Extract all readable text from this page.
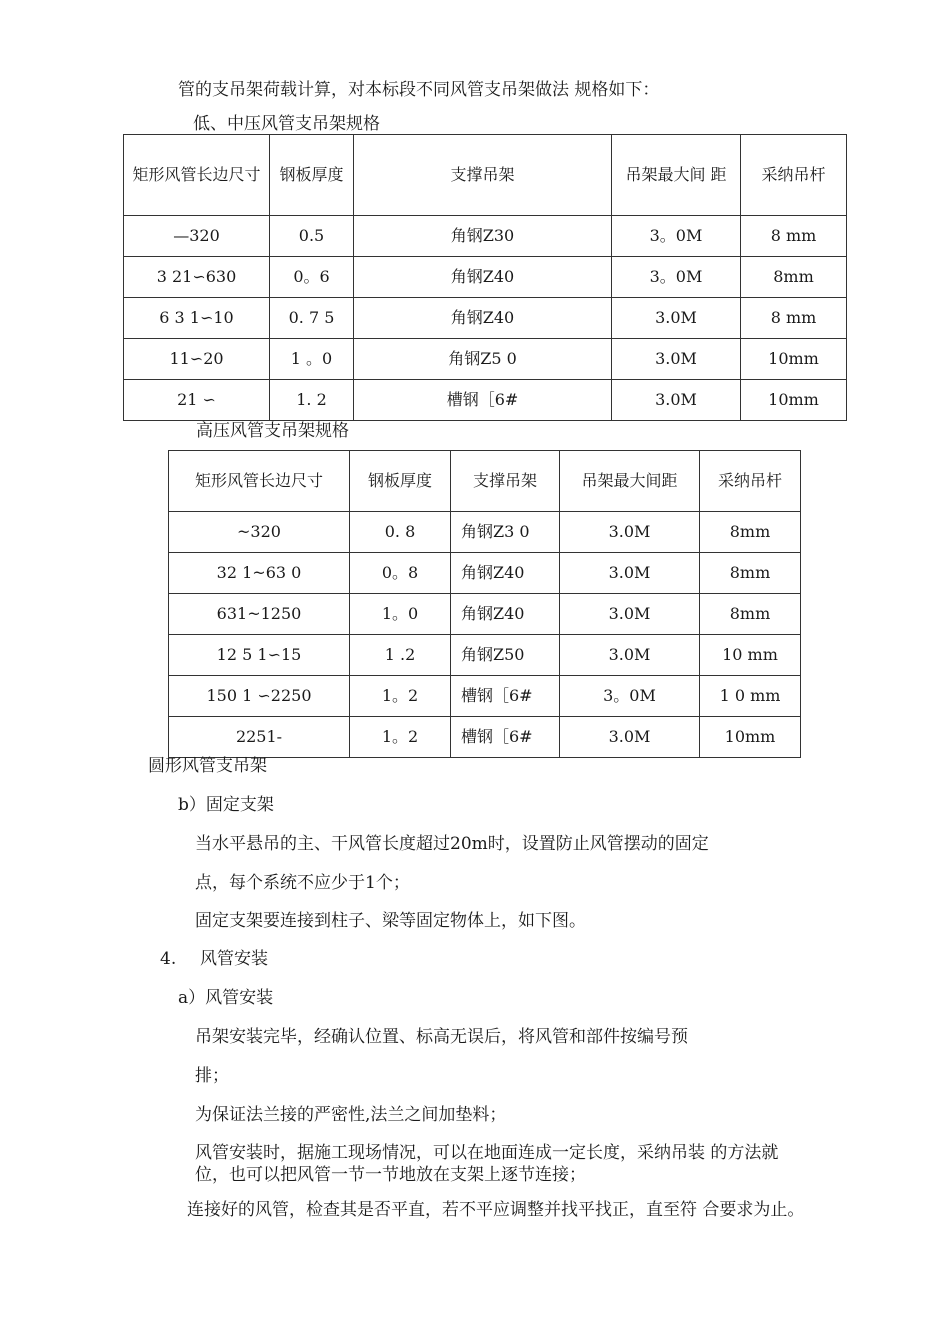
管的支吊架荷载计算，对本标段不同风管支吊架做法 规格如下：
低、中压风管支吊架规格
矩形风管长边尺寸	钢板厚度	支撑吊架	吊架最大间 距	采纳吊杆
—320	0.5	角钢Z30	3。0M	8 mm
3 21∽630	0。6	角钢Z40	3。0M	8mm
6 3 1∽10	0. 7 5	角钢Z40	3.0M	8 mm
11∽20	1 。0	角钢Z5 0	3.0M	10mm
21 ∽	1. 2	槽钢［6#	3.0M	10mm
高压风管支吊架规格
矩形风管长边尺寸	钢板厚度	支撑吊架	吊架最大间距	采纳吊杆
~320	0. 8	角钢Z3 0	3.0M	8mm
32 1~63 0	0。8	角钢Z40	3.0M	8mm
631~1250	1。0	角钢Z40	3.0M	8mm
12 5 1∽15	1 .2	角钢Z50	3.0M	10 mm
150 1 ∽2250	1。2	槽钢［6#	3。0M	1 0 mm
2251-	1。2	槽钢［6#	3.0M	10mm
圆形风管支吊架
b）固定支架
当水平悬吊的主、干风管长度超过20m时，设置防止风管摆动的固定
点，每个系统不应少于1个；
固定支架要连接到柱子、梁等固定物体上，如下图。
4. 风管安装
a）风管安装
吊架安装完毕，经确认位置、标高无误后，将风管和部件按编号预
排；
为保证法兰接的严密性,法兰之间加垫料；
风管安装时，据施工现场情况，可以在地面连成一定长度，采纳吊装 的方法就
位，也可以把风管一节一节地放在支架上逐节连接；
连接好的风管，检查其是否平直，若不平应调整并找平找正，直至符 合要求为止。
